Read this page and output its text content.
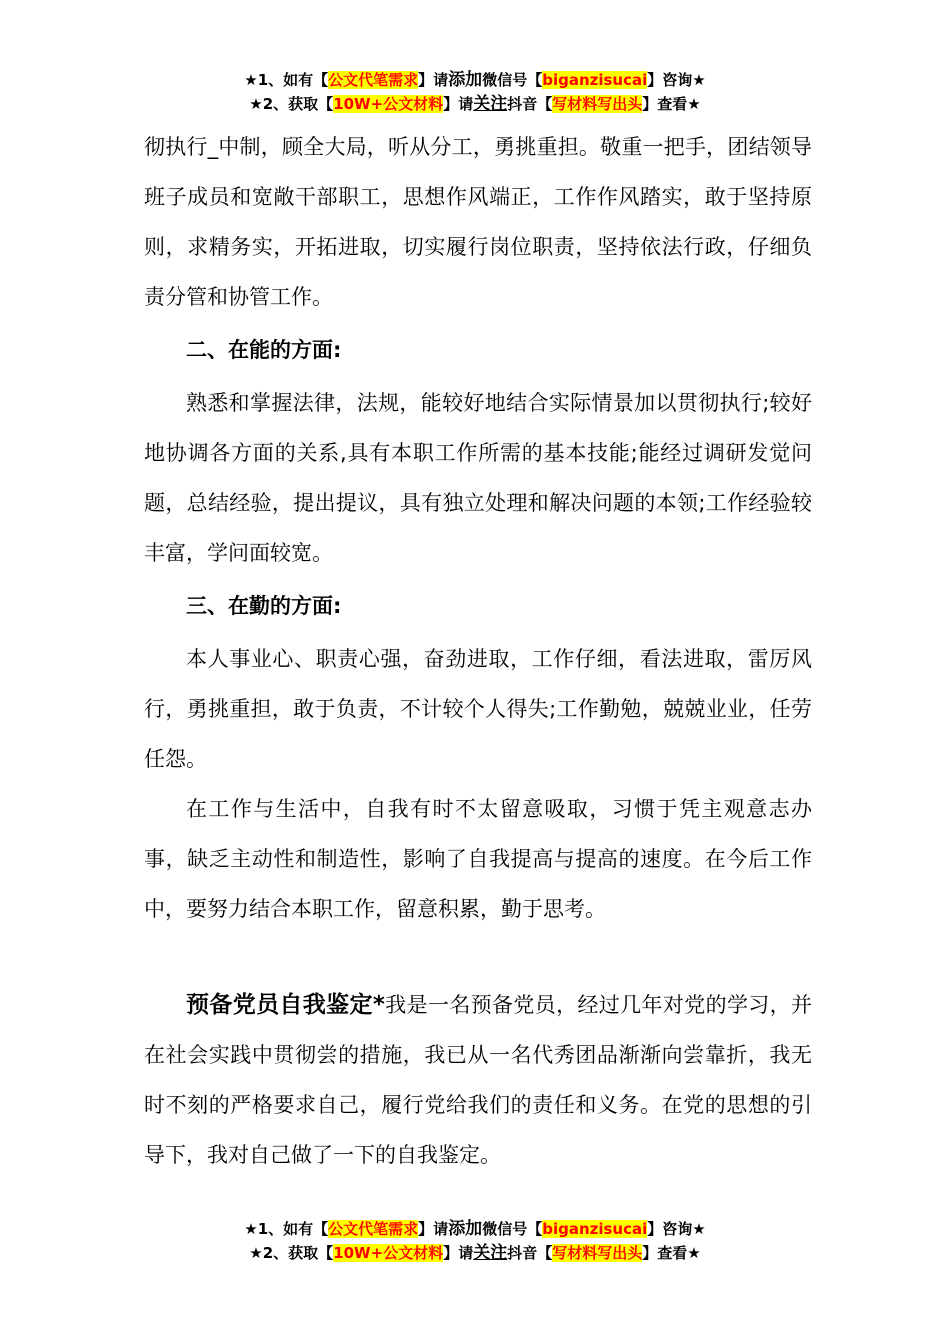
★1、如有【公文代笔需求】请添加微信号【biganzisucai】咨询★
★2、获取【10W+公文材料】请关注抖音【写材料写出头】查看★

彻执行_中制，顾全大局，听从分工，勇挑重担。敬重一把手，团结领导班子成员和宽敞干部职工，思想作风端正，工作作风踏实，敢于坚持原则，求精务实，开拓进取，切实履行岗位职责，坚持依法行政，仔细负责分管和协管工作。

二、在能的方面:

熟悉和掌握法律，法规，能较好地结合实际情景加以贯彻执行;较好地协调各方面的关系,具有本职工作所需的基本技能;能经过调研发觉问题，总结经验，提出提议，具有独立处理和解决问题的本领;工作经验较丰富，学问面较宽。

三、在勤的方面:

本人事业心、职责心强，奋劲进取，工作仔细，看法进取，雷厉风行，勇挑重担，敢于负责，不计较个人得失;工作勤勉，兢兢业业，任劳任怨。

在工作与生活中，自我有时不太留意吸取，习惯于凭主观意志办事，缺乏主动性和制造性，影响了自我提高与提高的速度。在今后工作中，要努力结合本职工作，留意积累，勤于思考。

预备党员自我鉴定*我是一名预备党员，经过几年对党的学习，并在社会实践中贯彻尝的措施，我已从一名代秀团品渐渐向尝靠折，我无时不刻的严格要求自己，履行党给我们的责任和义务。在党的思想的引导下，我对自己做了一下的自我鉴定。

★1、如有【公文代笔需求】请添加微信号【biganzisucai】咨询★
★2、获取【10W+公文材料】请关注抖音【写材料写出头】查看★
